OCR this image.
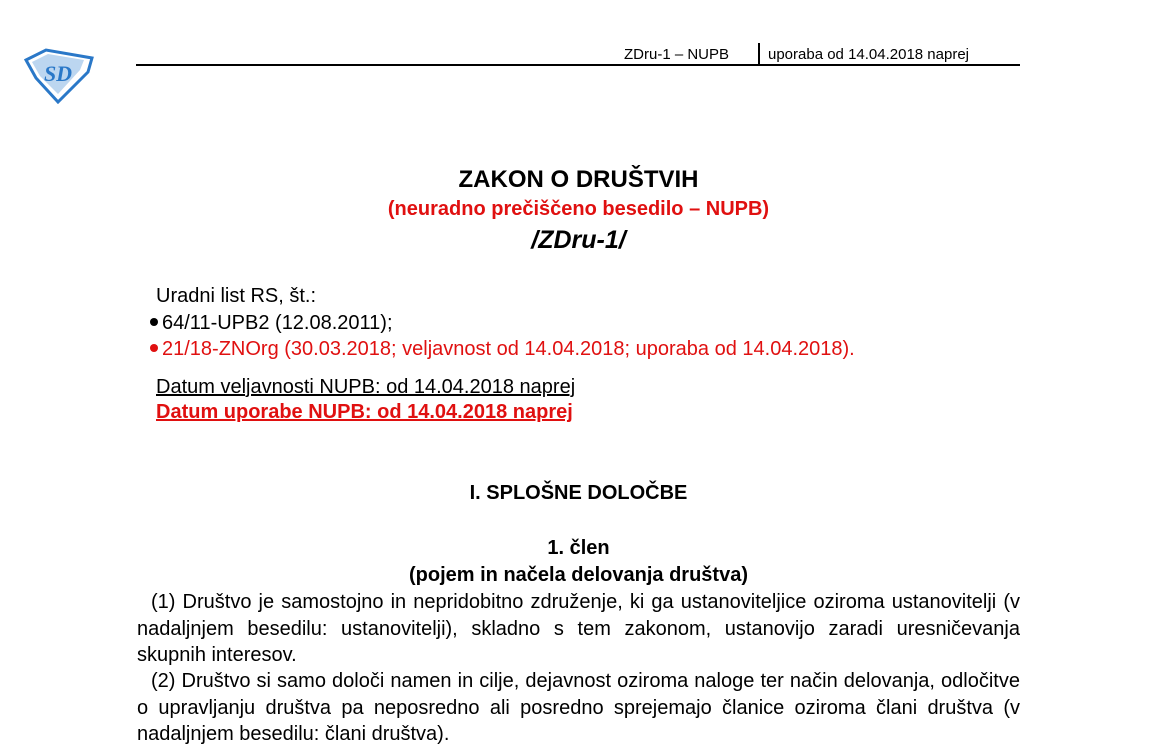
SD
ZDru-1 – NUPB	uporaba od 14.04.2018 naprej
ZAKON O DRUŠTVIH
(neuradno prečiščeno besedilo – NUPB)
/ZDru-1/
Uradni list RS, št.:
64/11-UPB2 (12.08.2011);
21/18-ZNOrg (30.03.2018; veljavnost od 14.04.2018; uporaba od 14.04.2018).
Datum veljavnosti NUPB: od 14.04.2018 naprej
Datum uporabe NUPB: od 14.04.2018 naprej
I. SPLOŠNE DOLOČBE
1. člen
(pojem in načela delovanja društva)

(1) Društvo je samostojno in nepridobitno združenje, ki ga ustanoviteljice oziroma ustanovitelji (v nadaljnjem besedilu: ustanovitelji), skladno s tem zakonom, ustanovijo zaradi uresničevanja skupnih interesov.

(2) Društvo si samo določi namen in cilje, dejavnost oziroma naloge ter način delovanja, odločitve o upravljanju društva pa neposredno ali posredno sprejemajo članice oziroma člani društva (v nadaljnjem besedilu: člani društva).
